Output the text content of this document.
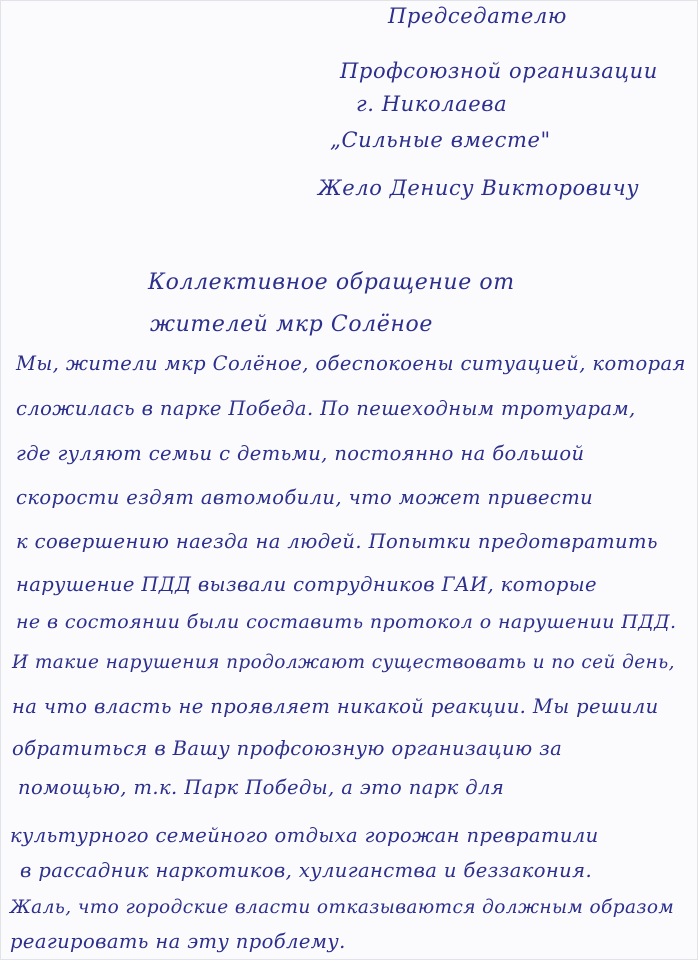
Председателю
Профсоюзной организации
г. Николаева
„Сильные вместе"
Жело Денису Викторовичу
Коллективное обращение от
жителей мкр Солёное
Мы, жители мкр Солёное, обеспокоены ситуацией, которая
сложилась в парке Победа. По пешеходным тротуарам,
где гуляют семьи с детьми, постоянно на большой
скорости ездят автомобили, что может привести
к совершению наезда на людей. Попытки предотвратить
нарушение ПДД вызвали сотрудников ГАИ, которые
не в состоянии были составить протокол о нарушении ПДД.
И такие нарушения продолжают существовать и по сей день,
на что власть не проявляет никакой реакции. Мы решили
обратиться в Вашу профсоюзную организацию за
помощью, т.к. Парк Победы, а это парк для
культурного семейного отдыха горожан превратили
в рассадник наркотиков, хулиганства и беззакония.
Жаль, что городские власти отказываются должным образом
реагировать на эту проблему.
